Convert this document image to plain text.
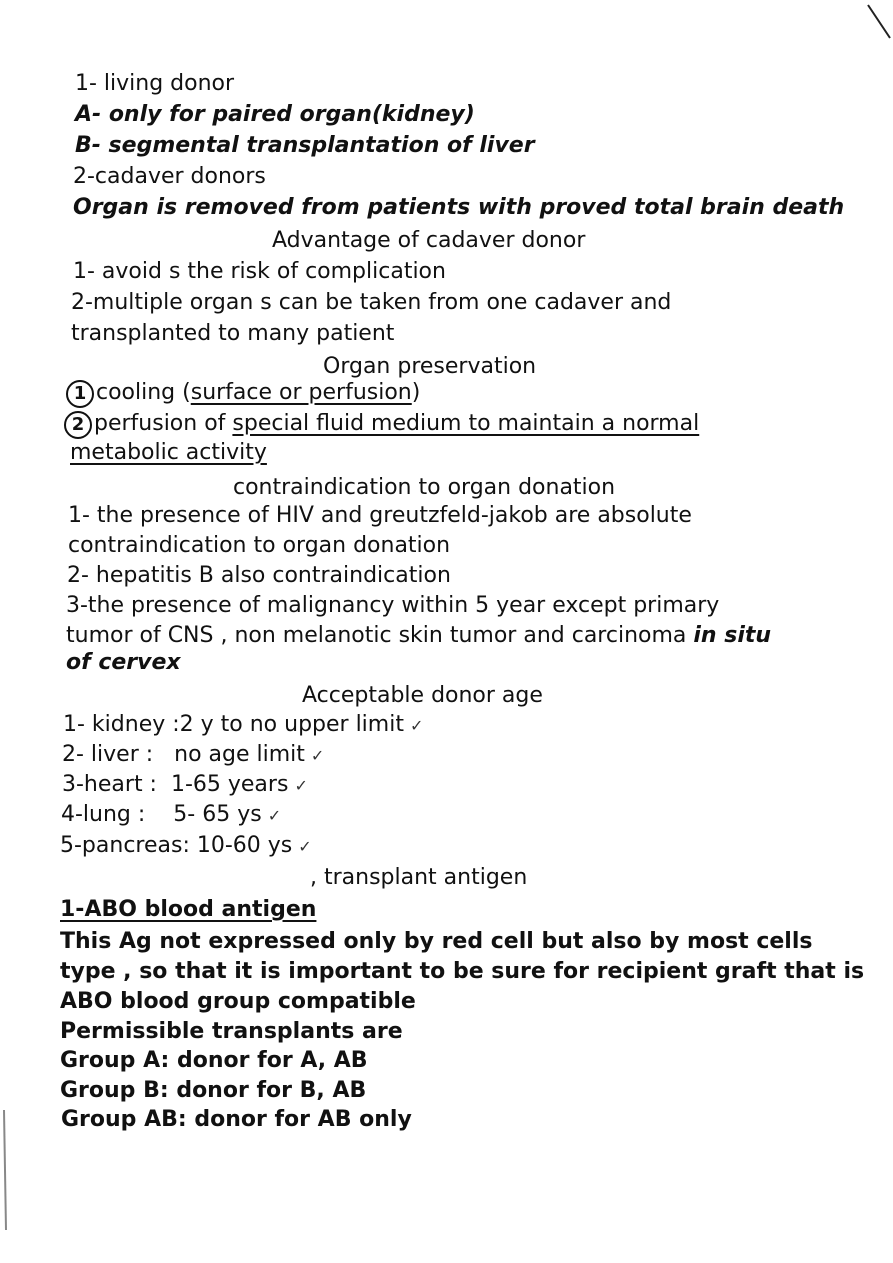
1- living donor
A- only for paired organ(kidney)
B- segmental transplantation of liver
2-cadaver donors
Organ is removed from patients with proved total brain death
Advantage of cadaver donor
1- avoid s the risk of complication
2-multiple organ s can be taken from one cadaver and
transplanted to many patient
Organ preservation
1 cooling (surface or perfusion)
2 perfusion of special fluid medium to maintain a normal
metabolic activity
contraindication to organ donation
1- the presence of HIV and greutzfeld-jakob are absolute
contraindication to organ donation
2- hepatitis B also contraindication
3-the presence of malignancy within 5 year except primary
tumor of CNS , non melanotic skin tumor and carcinoma in situ
of cervex
Acceptable donor age
1- kidney :2 y to no upper limit ✓
2- liver :   no age limit ✓
3-heart :  1-65 years ✓
4-lung :    5- 65 ys ✓
5-pancreas: 10-60 ys ✓
, transplant antigen
1-ABO blood antigen
This Ag not expressed only by red cell but also by most cells
type , so that it is important to be sure for recipient graft that is
ABO blood group compatible
Permissible transplants are
Group A: donor for A, AB
Group B: donor for B, AB
Group AB: donor for AB only
